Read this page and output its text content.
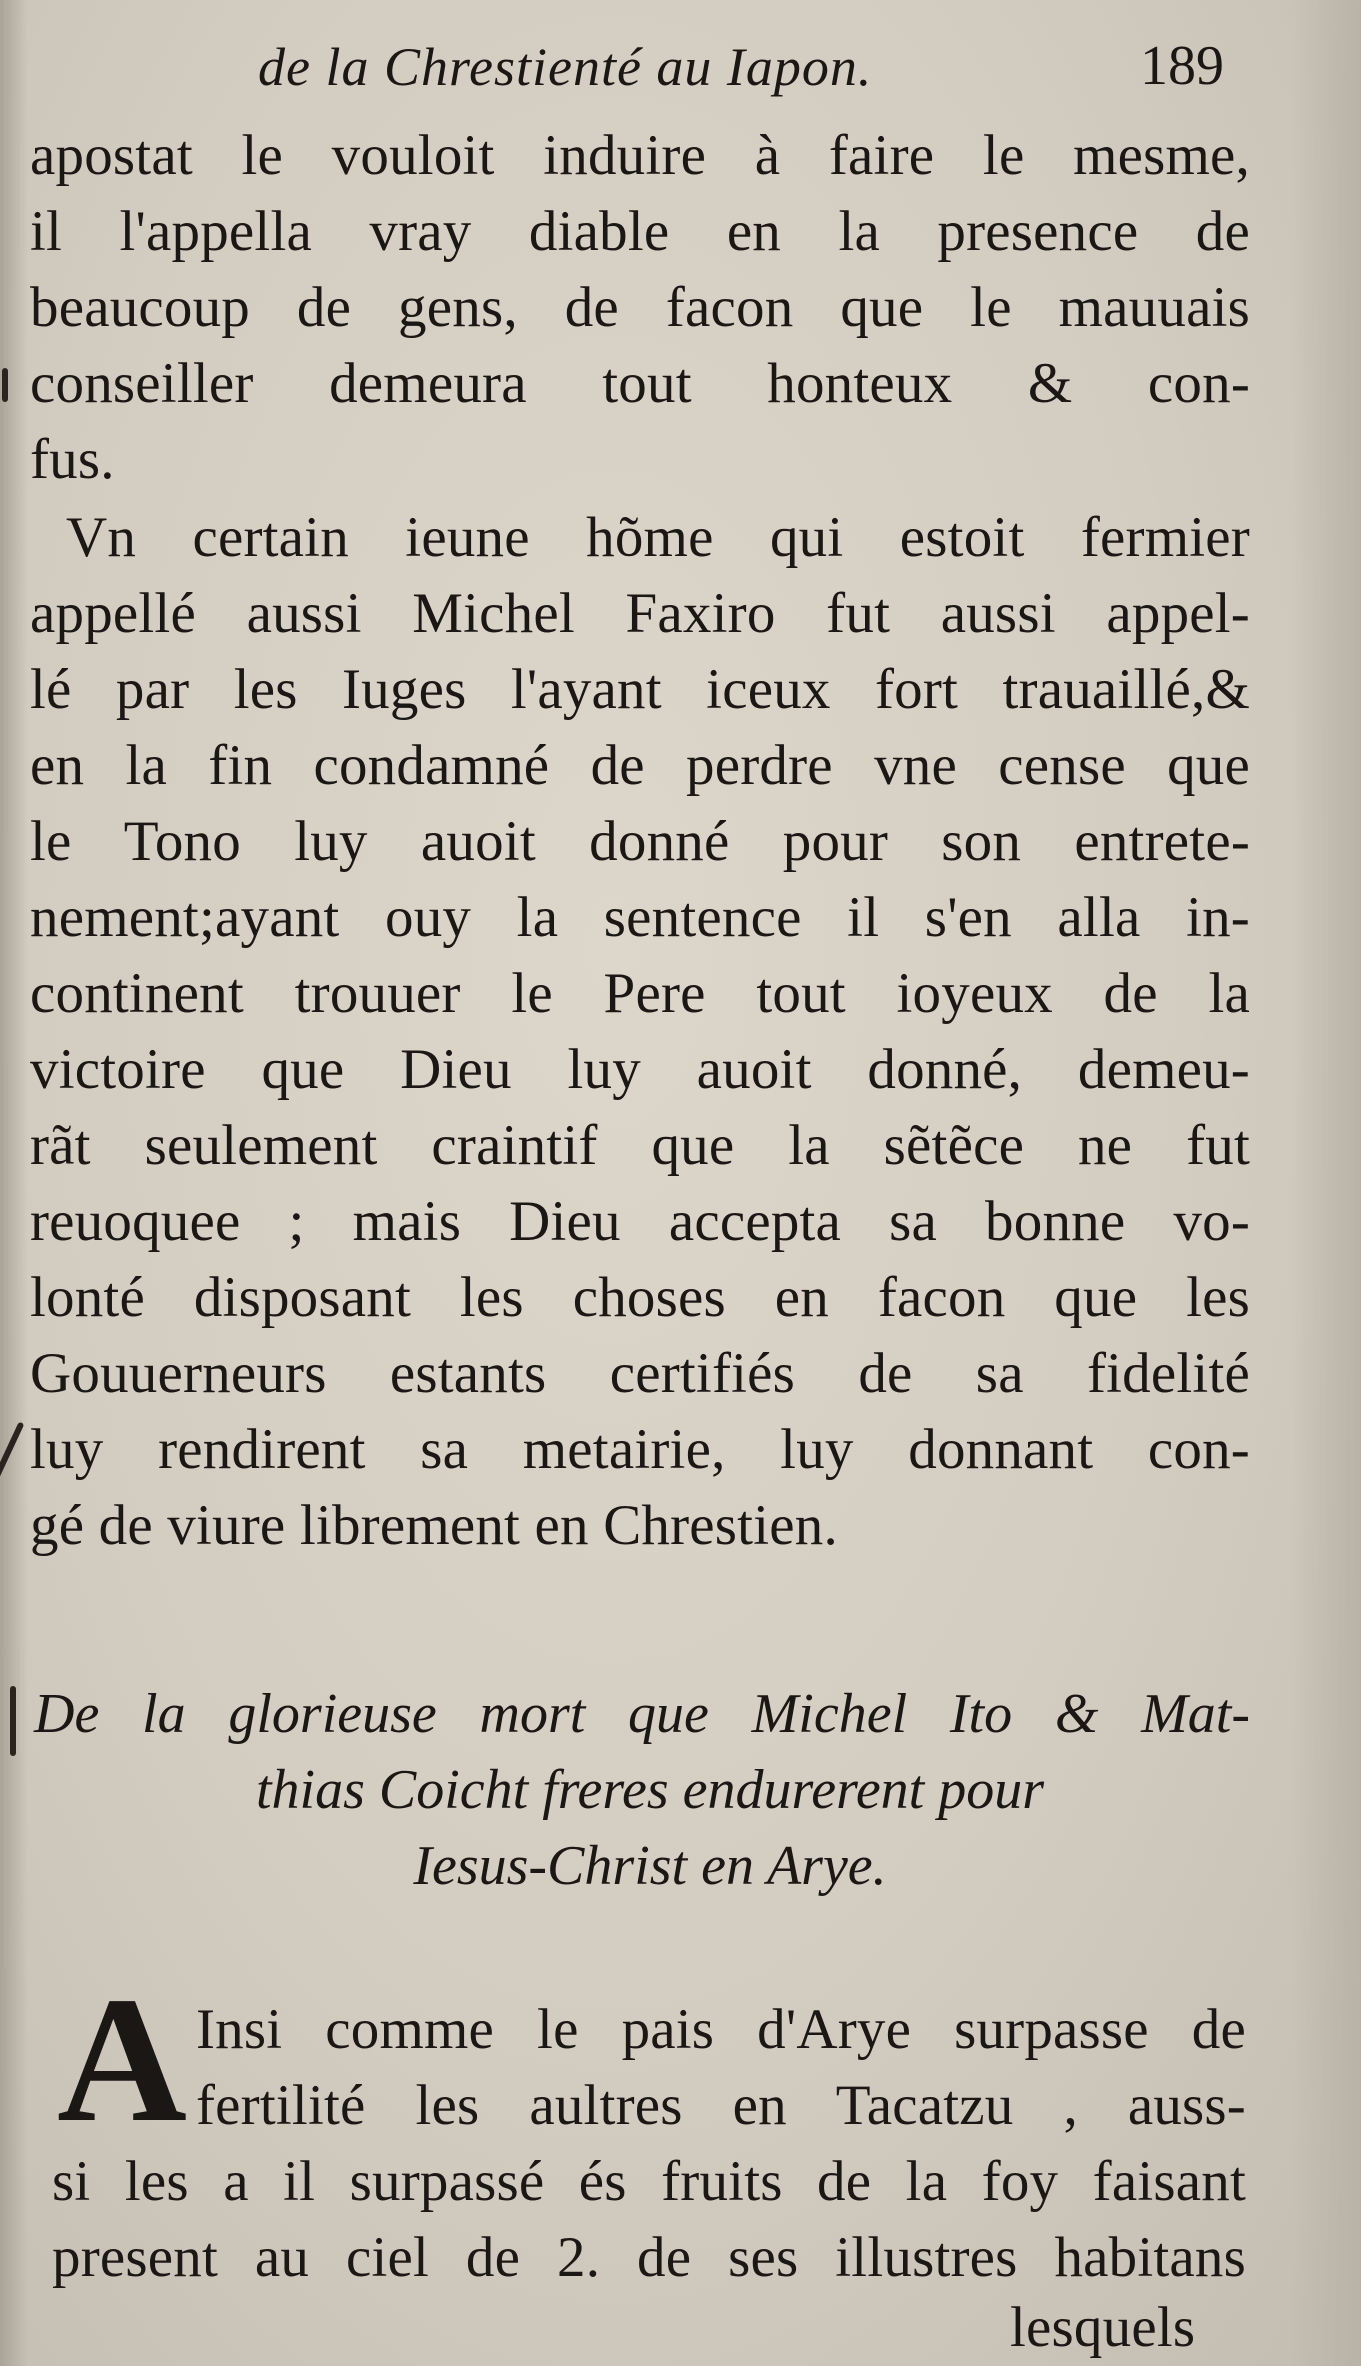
de la Chrestienté au Iapon.	189
apostat le vouloit induire à faire le mesme,
il l'appella vray diable en la presence de
beaucoup de gens, de facon que le mauuais
conseiller demeura tout honteux & con-
fus.
Vn certain ieune hõme qui estoit fermier
appellé aussi Michel Faxiro fut aussi appel-
lé par les Iuges l'ayant iceux fort trauaillé,&
en la fin condamné de perdre vne cense que
le Tono luy auoit donné pour son entrete-
nement;ayant ouy la sentence il s'en alla in-
continent trouuer le Pere tout ioyeux de la
victoire que Dieu luy auoit donné, demeu-
rãt seulement craintif que la sẽtẽce ne fut
reuoquee ; mais Dieu accepta sa bonne vo-
lonté disposant les choses en facon que les
Gouuerneurs estants certifiés de sa fidelité
luy rendirent sa metairie, luy donnant con-
gé de viure librement en Chrestien.
De la glorieuse mort que Michel Ito & Mat-
thias Coicht freres endurerent pour
Iesus-Christ en Arye.
A Insi comme le pais d'Arye surpasse de
fertilité les aultres en Tacatzu , auss-
si les a il surpassé és fruits de la foy faisant
present au ciel de 2. de ses illustres habitans
lesquels
